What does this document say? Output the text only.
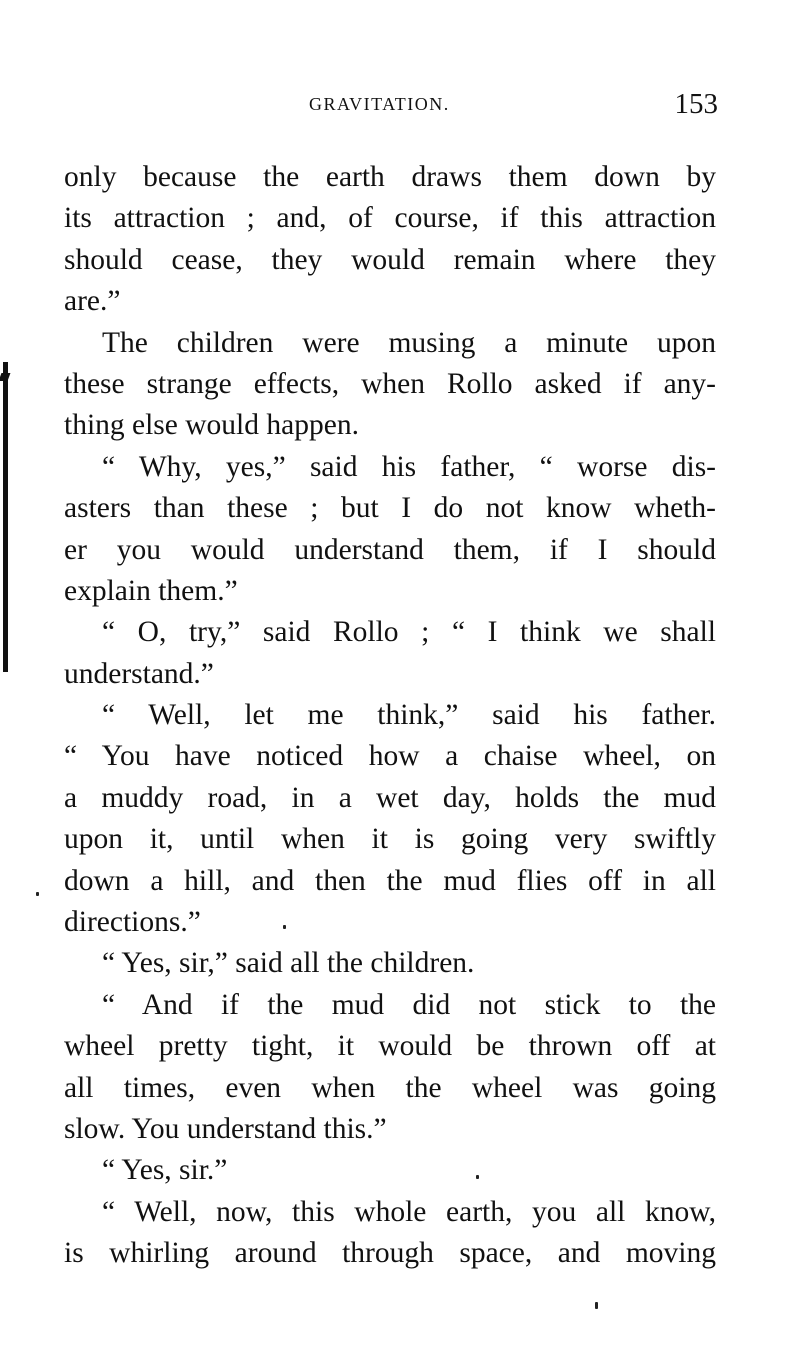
GRAVITATION.	153
only because the earth draws them down by
its attraction ; and, of course, if this attraction
should cease, they would remain where they
are.”
The children were musing a minute upon
these strange effects, when Rollo asked if any-
thing else would happen.
“ Why, yes,” said his father, “ worse dis-
asters than these ; but I do not know wheth-
er you would understand them, if I should
explain them.”
“ O, try,” said Rollo ; “ I think we shall
understand.”
“ Well, let me think,” said his father.
“ You have noticed how a chaise wheel, on
a muddy road, in a wet day, holds the mud
upon it, until when it is going very swiftly
down a hill, and then the mud flies off in all
directions.”
“ Yes, sir,” said all the children.
“ And if the mud did not stick to the
wheel pretty tight, it would be thrown off at
all times, even when the wheel was going
slow. You understand this.”
“ Yes, sir.”
“ Well, now, this whole earth, you all know,
is whirling around through space, and moving
